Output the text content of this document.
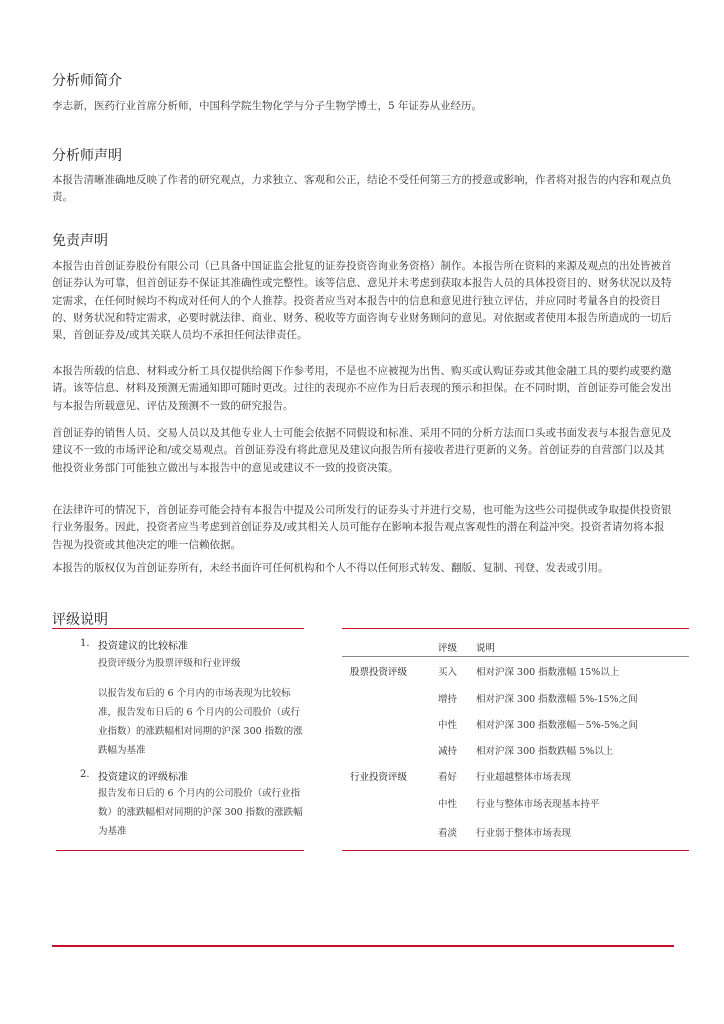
分析师简介

李志新，医药行业首席分析师，中国科学院生物化学与分子生物学博士，5 年证券从业经历。

分析师声明

本报告清晰准确地反映了作者的研究观点，力求独立、客观和公正，结论不受任何第三方的授意或影响，作者将对报告的内容和观点负责。

免责声明

本报告由首创证券股份有限公司（已具备中国证监会批复的证券投资咨询业务资格）制作。本报告所在资料的来源及观点的出处皆被首创证券认为可靠，但首创证券不保证其准确性或完整性。该等信息、意见并未考虑到获取本报告人员的具体投资目的、财务状况以及特定需求，在任何时候均不构成对任何人的个人推荐。投资者应当对本报告中的信息和意见进行独立评估，并应同时考量各自的投资目的、财务状况和特定需求，必要时就法律、商业、财务、税收等方面咨询专业财务顾问的意见。对依据或者使用本报告所造成的一切后果，首创证券及/或其关联人员均不承担任何法律责任。

本报告所载的信息、材料或分析工具仅提供给阁下作参考用，不是也不应被视为出售、购买或认购证券或其他金融工具的要约或要约邀请。该等信息、材料及预测无需通知即可随时更改。过往的表现亦不应作为日后表现的预示和担保。在不同时期，首创证券可能会发出与本报告所载意见、评估及预测不一致的研究报告。

首创证券的销售人员、交易人员以及其他专业人士可能会依据不同假设和标准、采用不同的分析方法而口头或书面发表与本报告意见及建议不一致的市场评论和/或交易观点。首创证券没有将此意见及建议向报告所有接收者进行更新的义务。首创证券的自营部门以及其他投资业务部门可能独立做出与本报告中的意见或建议不一致的投资决策。

在法律许可的情况下，首创证券可能会持有本报告中提及公司所发行的证券头寸并进行交易，也可能为这些公司提供或争取提供投资银行业务服务。因此，投资者应当考虑到首创证券及/或其相关人员可能存在影响本报告观点客观性的潜在利益冲突。投资者请勿将本报告视为投资或其他决定的唯一信赖依据。

本报告的版权仅为首创证券所有，未经书面许可任何机构和个人不得以任何形式转发、翻版、复制、刊登、发表或引用。

评级说明
1. 投资建议的比较标准

投资评级分为股票评级和行业评级

以报告发布后的 6 个月内的市场表现为比较标准，报告发布日后的 6 个月内的公司股价（或行业指数）的涨跌幅相对同期的沪深 300 指数的涨跌幅为基准

2. 投资建议的评级标准

报告发布日后的 6 个月内的公司股价（或行业指数）的涨跌幅相对同期的沪深 300 指数的涨跌幅为基准

评级 说明
股票投资评级	买入 相对沪深 300 指数涨幅 15%以上
增持 相对沪深 300 指数涨幅 5%-15%之间
中性 相对沪深 300 指数涨幅－5%-5%之间
减持 相对沪深 300 指数跌幅 5%以上
行业投资评级	看好 行业超越整体市场表现
中性 行业与整体市场表现基本持平
看淡 行业弱于整体市场表现
